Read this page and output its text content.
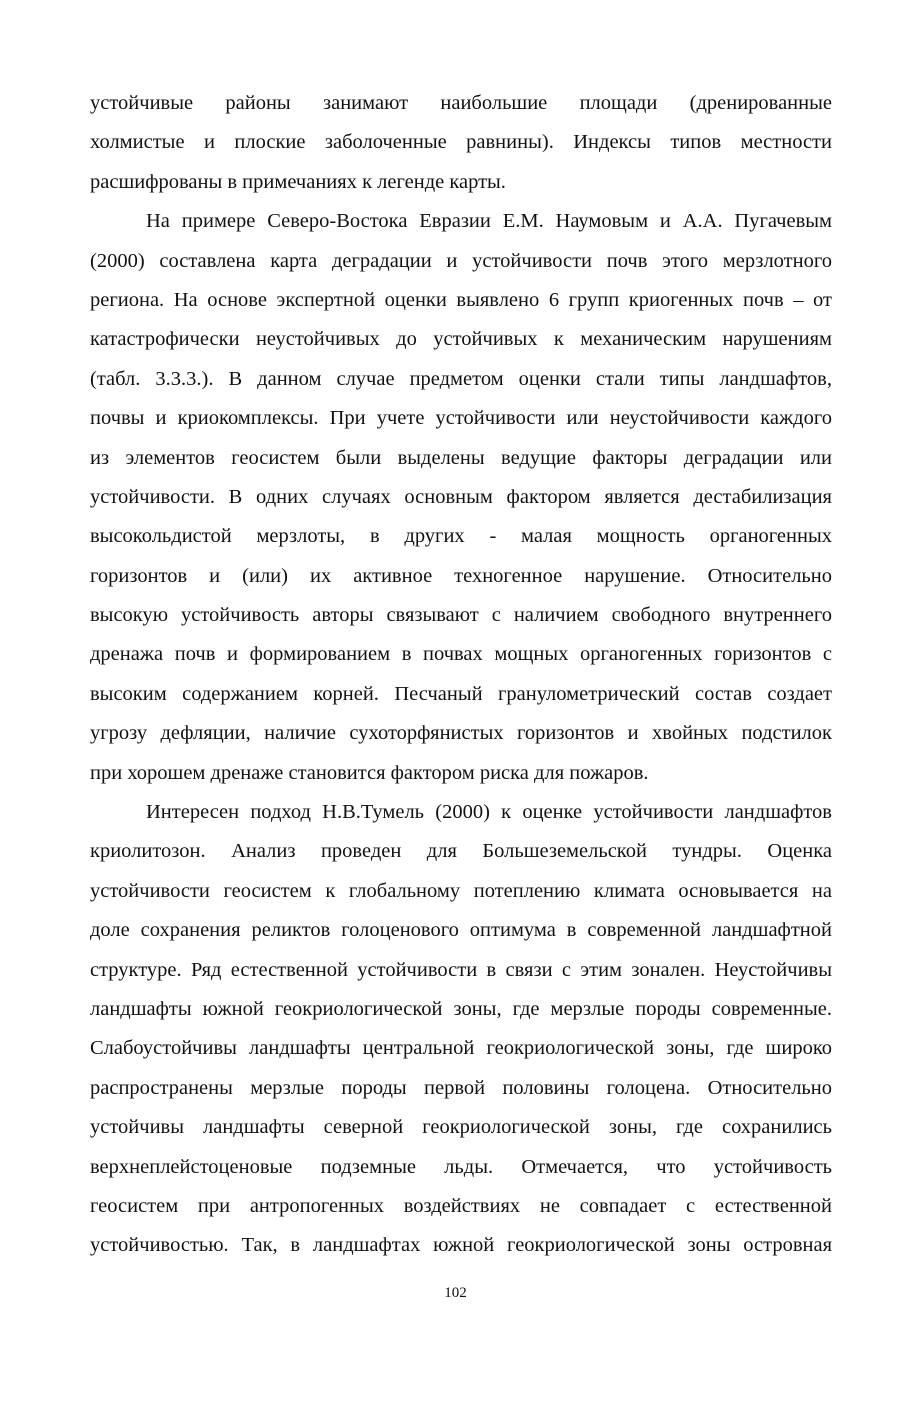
устойчивые районы занимают наибольшие площади (дренированные
холмистые и плоские заболоченные равнины). Индексы типов местности
расшифрованы в примечаниях к легенде карты.
На примере Северо-Востока Евразии Е.М. Наумовым и А.А. Пугачевым
(2000) составлена карта деградации и устойчивости почв этого мерзлотного
региона. На основе экспертной оценки выявлено 6 групп криогенных почв – от
катастрофически неустойчивых до устойчивых к механическим нарушениям
(табл. 3.3.3.). В данном случае предметом оценки стали типы ландшафтов,
почвы и криокомплексы. При учете устойчивости или неустойчивости каждого
из элементов геосистем были выделены ведущие факторы деградации или
устойчивости. В одних случаях основным фактором является дестабилизация
высокольдистой мерзлоты, в других - малая мощность органогенных
горизонтов и (или) их активное техногенное нарушение. Относительно
высокую устойчивость авторы связывают с наличием свободного внутреннего
дренажа почв и формированием в почвах мощных органогенных горизонтов с
высоким содержанием корней. Песчаный гранулометрический состав создает
угрозу дефляции, наличие сухоторфянистых горизонтов и хвойных подстилок
при хорошем дренаже становится фактором риска для пожаров.
Интересен подход Н.В.Тумель (2000) к оценке устойчивости ландшафтов
криолитозон. Анализ проведен для Большеземельской тундры. Оценка
устойчивости геосистем к глобальному потеплению климата основывается на
доле сохранения реликтов голоценового оптимума в современной ландшафтной
структуре. Ряд естественной устойчивости в связи с этим зонален. Неустойчивы
ландшафты южной геокриологической зоны, где мерзлые породы современные.
Слабоустойчивы ландшафты центральной геокриологической зоны, где широко
распространены мерзлые породы первой половины голоцена. Относительно
устойчивы ландшафты северной геокриологической зоны, где сохранились
верхнеплейстоценовые подземные льды. Отмечается, что устойчивость
геосистем при антропогенных воздействиях не совпадает с естественной
устойчивостью. Так, в ландшафтах южной геокриологической зоны островная
102
